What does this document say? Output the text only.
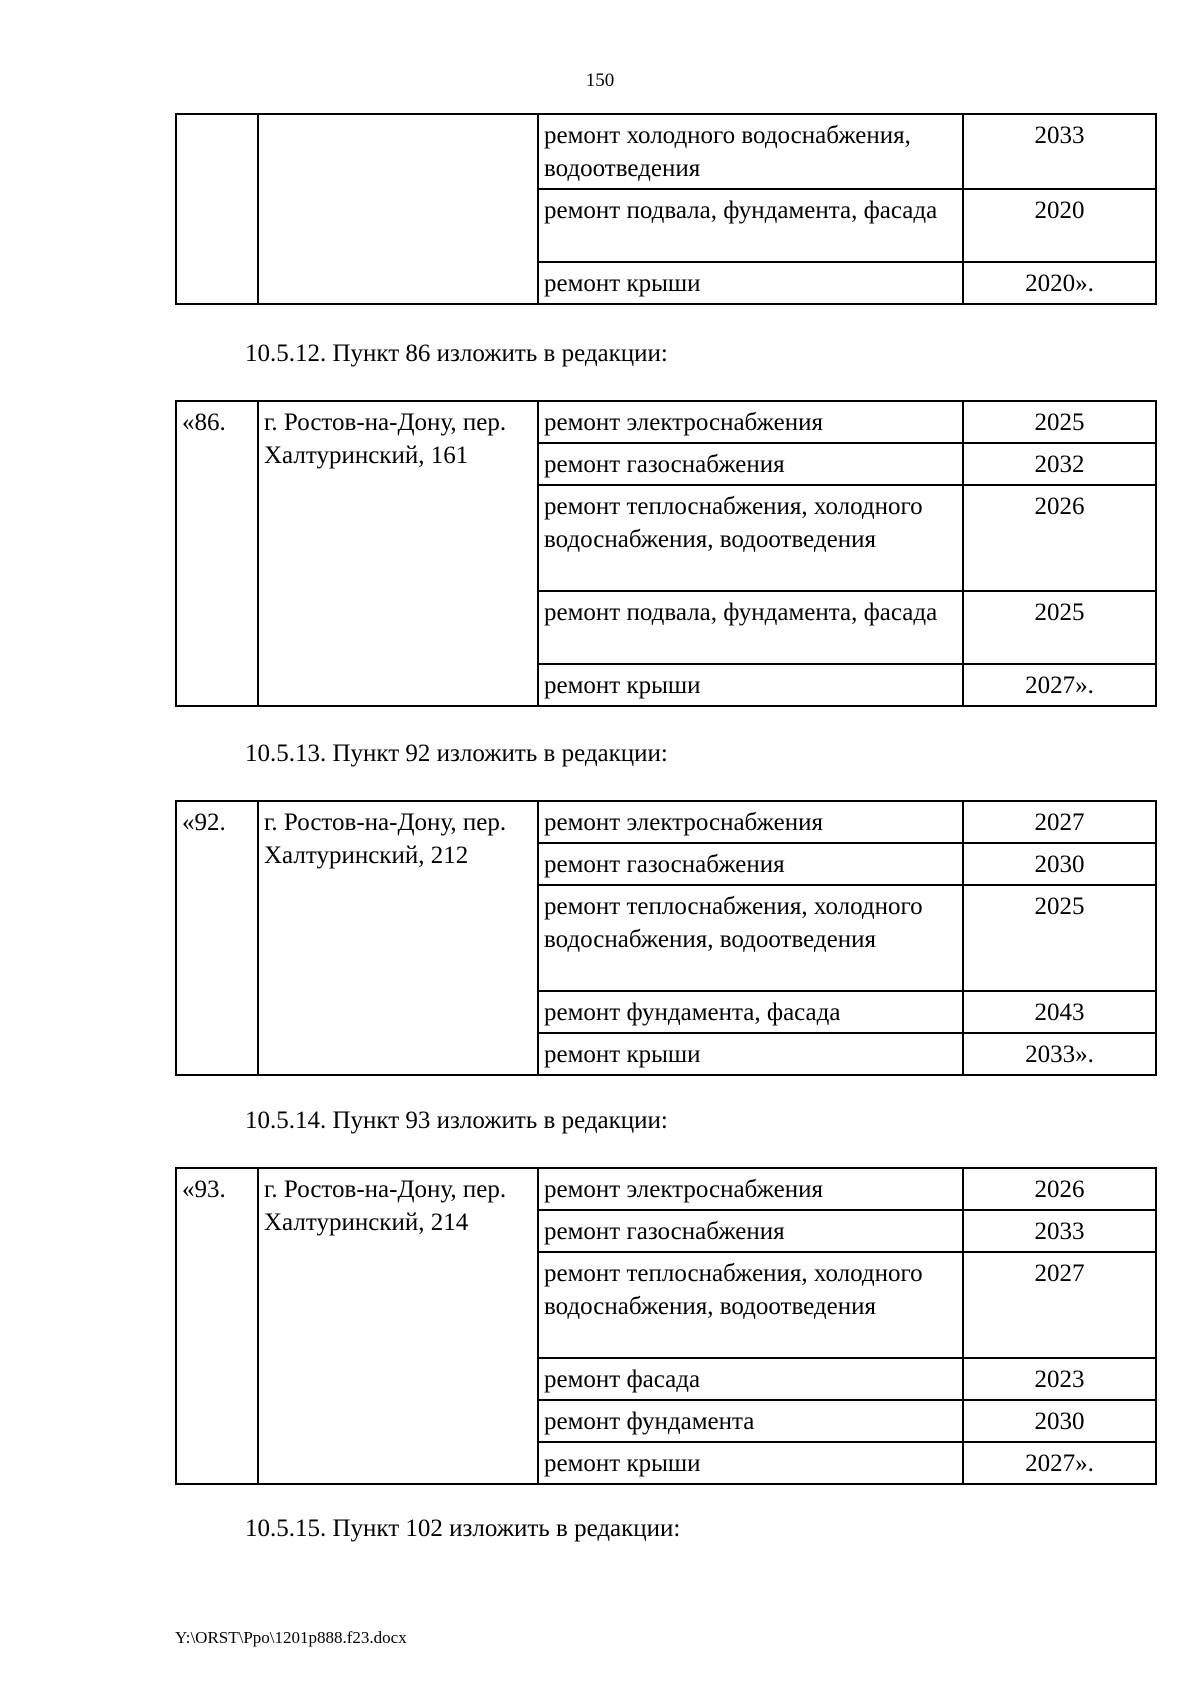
150
		ремонт холодного водоснабжения, водоотведения	2033
		ремонт подвала, фундамента, фасада	2020
		ремонт крыши	2020».
10.5.12. Пункт 86 изложить в редакции:
«86.	г. Ростов-на-Дону, пер. Халтуринский, 161	ремонт электроснабжения	2025
		ремонт газоснабжения	2032
		ремонт теплоснабжения, холодного водоснабжения, водоотведения	2026
		ремонт подвала, фундамента, фасада	2025
		ремонт крыши	2027».
10.5.13. Пункт 92 изложить в редакции:
«92.	г. Ростов-на-Дону, пер. Халтуринский, 212	ремонт электроснабжения	2027
		ремонт газоснабжения	2030
		ремонт теплоснабжения, холодного водоснабжения, водоотведения	2025
		ремонт фундамента, фасада	2043
		ремонт крыши	2033».
10.5.14. Пункт 93 изложить в редакции:
«93.	г. Ростов-на-Дону, пер. Халтуринский, 214	ремонт электроснабжения	2026
		ремонт газоснабжения	2033
		ремонт теплоснабжения, холодного водоснабжения, водоотведения	2027
		ремонт фасада	2023
		ремонт фундамента	2030
		ремонт крыши	2027».
10.5.15. Пункт 102 изложить в редакции:
Y:\ORST\Ppo\1201p888.f23.docx
